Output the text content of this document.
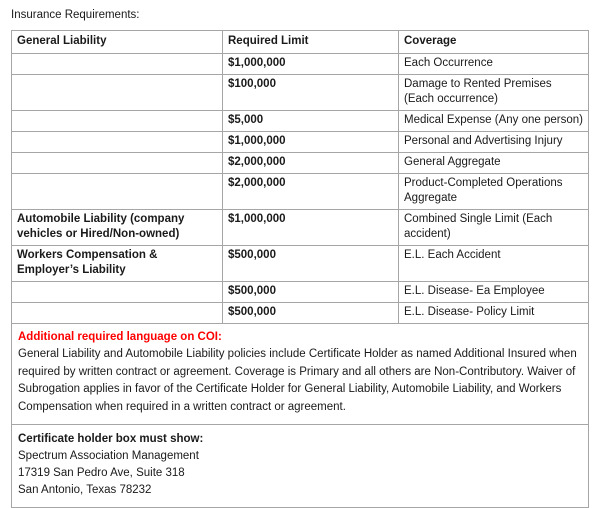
Insurance Requirements:
General Liability	Required Limit	Coverage
	$1,000,000	Each Occurrence
	$100,000	Damage to Rented Premises (Each occurrence)
	$5,000	Medical Expense (Any one person)
	$1,000,000	Personal and Advertising Injury
	$2,000,000	General Aggregate
	$2,000,000	Product-Completed Operations Aggregate
Automobile Liability (company vehicles or Hired/Non-owned)	$1,000,000	Combined Single Limit (Each accident)
Workers Compensation & Employer’s Liability	$500,000	E.L. Each Accident
	$500,000	E.L. Disease- Ea Employee
	$500,000	E.L. Disease- Policy Limit

Additional required language on COI:

General Liability and Automobile Liability policies include Certificate Holder as named Additional Insured when required by written contract or agreement. Coverage is Primary and all others are Non-Contributory. Waiver of Subrogation applies in favor of the Certificate Holder for General Liability, Automobile Liability, and Workers Compensation when required in a written contract or agreement.		

Certificate holder box must show:

Spectrum Association Management

17319 San Pedro Ave, Suite 318

San Antonio, Texas 78232		
